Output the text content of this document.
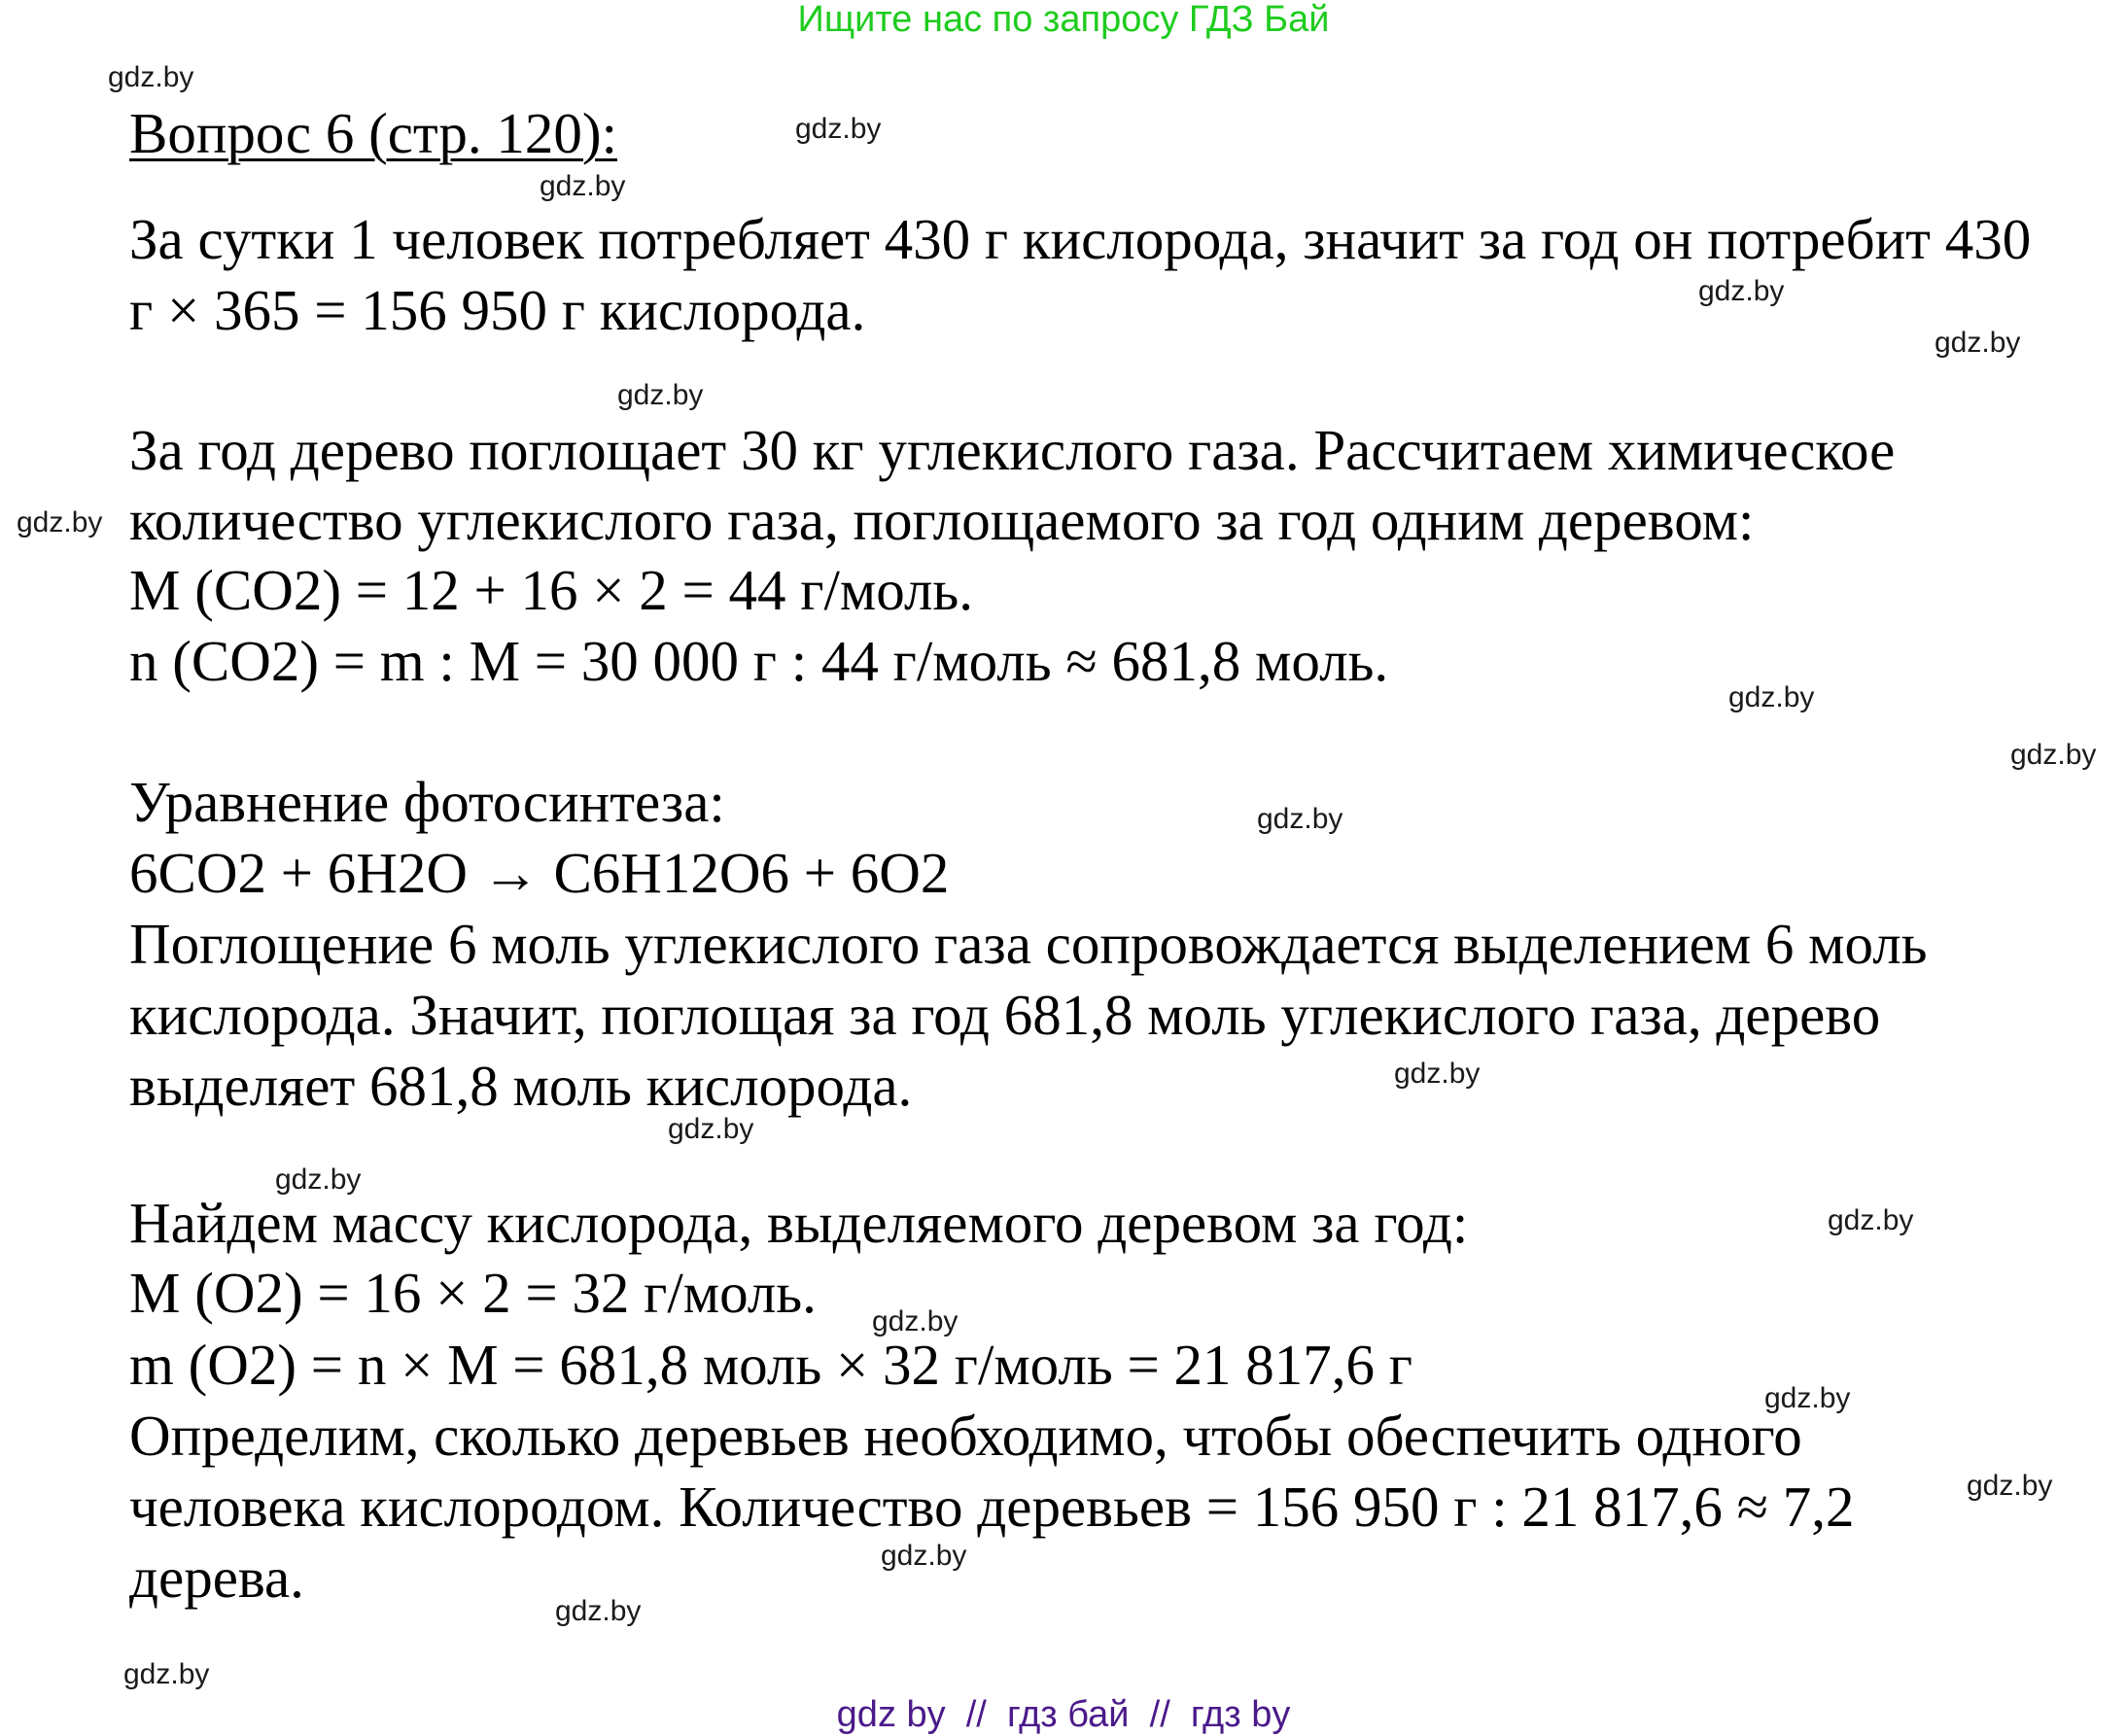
Ищите нас по запросу ГДЗ Бай
Вопрос 6 (стр. 120):
За сутки 1 человек потребляет 430 г кислорода, значит за год он потребит 430
г × 365 = 156 950 г кислорода.
За год дерево поглощает 30 кг углекислого газа. Рассчитаем химическое
количество углекислого газа, поглощаемого за год одним деревом:
M (CO2) = 12 + 16 × 2 = 44 г/моль.
n (CO2) = m : M = 30 000 г : 44 г/моль ≈ 681,8 моль.
Уравнение фотосинтеза:
6CO2 + 6H2O → C6H12O6 + 6O2
Поглощение 6 моль углекислого газа сопровождается выделением 6 моль
кислорода. Значит, поглощая за год 681,8 моль углекислого газа, дерево
выделяет 681,8 моль кислорода.
Найдем массу кислорода, выделяемого деревом за год:
M (O2) = 16 × 2 = 32 г/моль.
m (O2) = n × M = 681,8 моль × 32 г/моль = 21 817,6 г
Определим, сколько деревьев необходимо, чтобы обеспечить одного
человека кислородом. Количество деревьев = 156 950 г : 21 817,6 ≈ 7,2
дерева.
gdz.by
gdz.by
gdz.by
gdz.by
gdz.by
gdz.by
gdz.by
gdz.by
gdz.by
gdz.by
gdz.by
gdz.by
gdz.by
gdz.by
gdz.by
gdz.by
gdz.by
gdz.by
gdz.by
gdz.by
gdz by  //  гдз бай  //  гдз by
